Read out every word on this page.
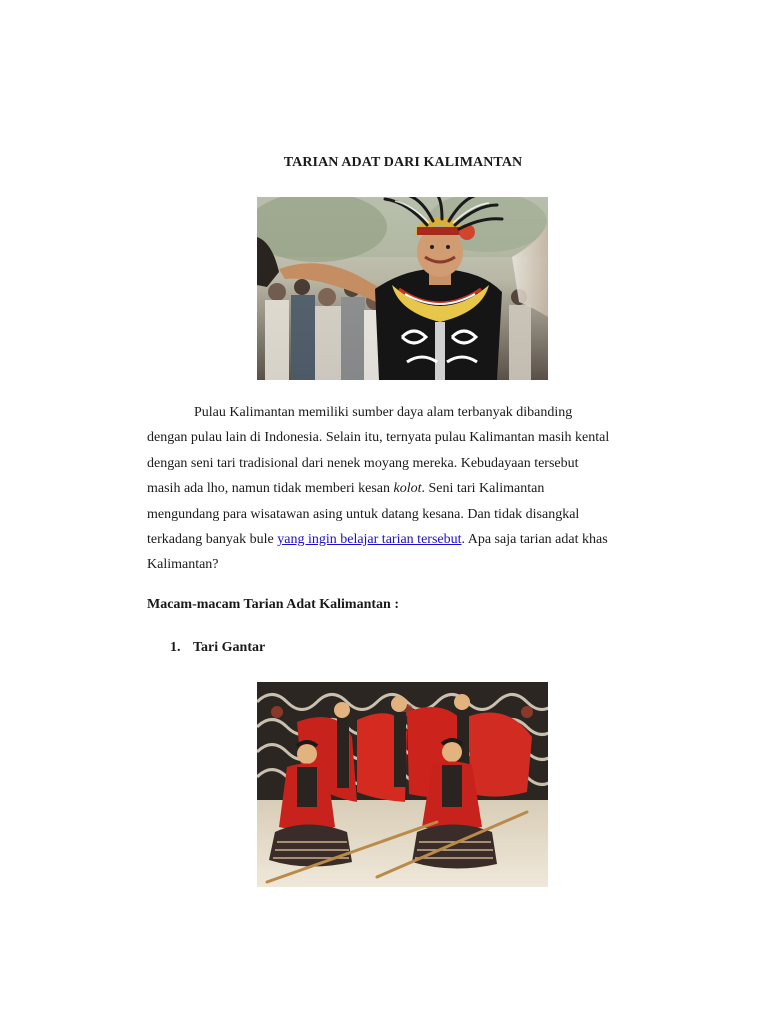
TARIAN ADAT DARI KALIMANTAN
Pulau Kalimantan memiliki sumber daya alam terbanyak dibanding
dengan pulau lain di Indonesia. Selain itu, ternyata pulau Kalimantan masih kental
dengan seni tari tradisional dari nenek moyang mereka. Kebudayaan tersebut
masih ada lho, namun tidak memberi kesan kolot. Seni tari Kalimantan
mengundang para wisatawan asing untuk datang kesana. Dan tidak disangkal
terkadang banyak bule yang ingin belajar tarian tersebut. Apa saja tarian adat khas
Kalimantan?
Macam-macam Tarian Adat Kalimantan :
1. Tari Gantar
